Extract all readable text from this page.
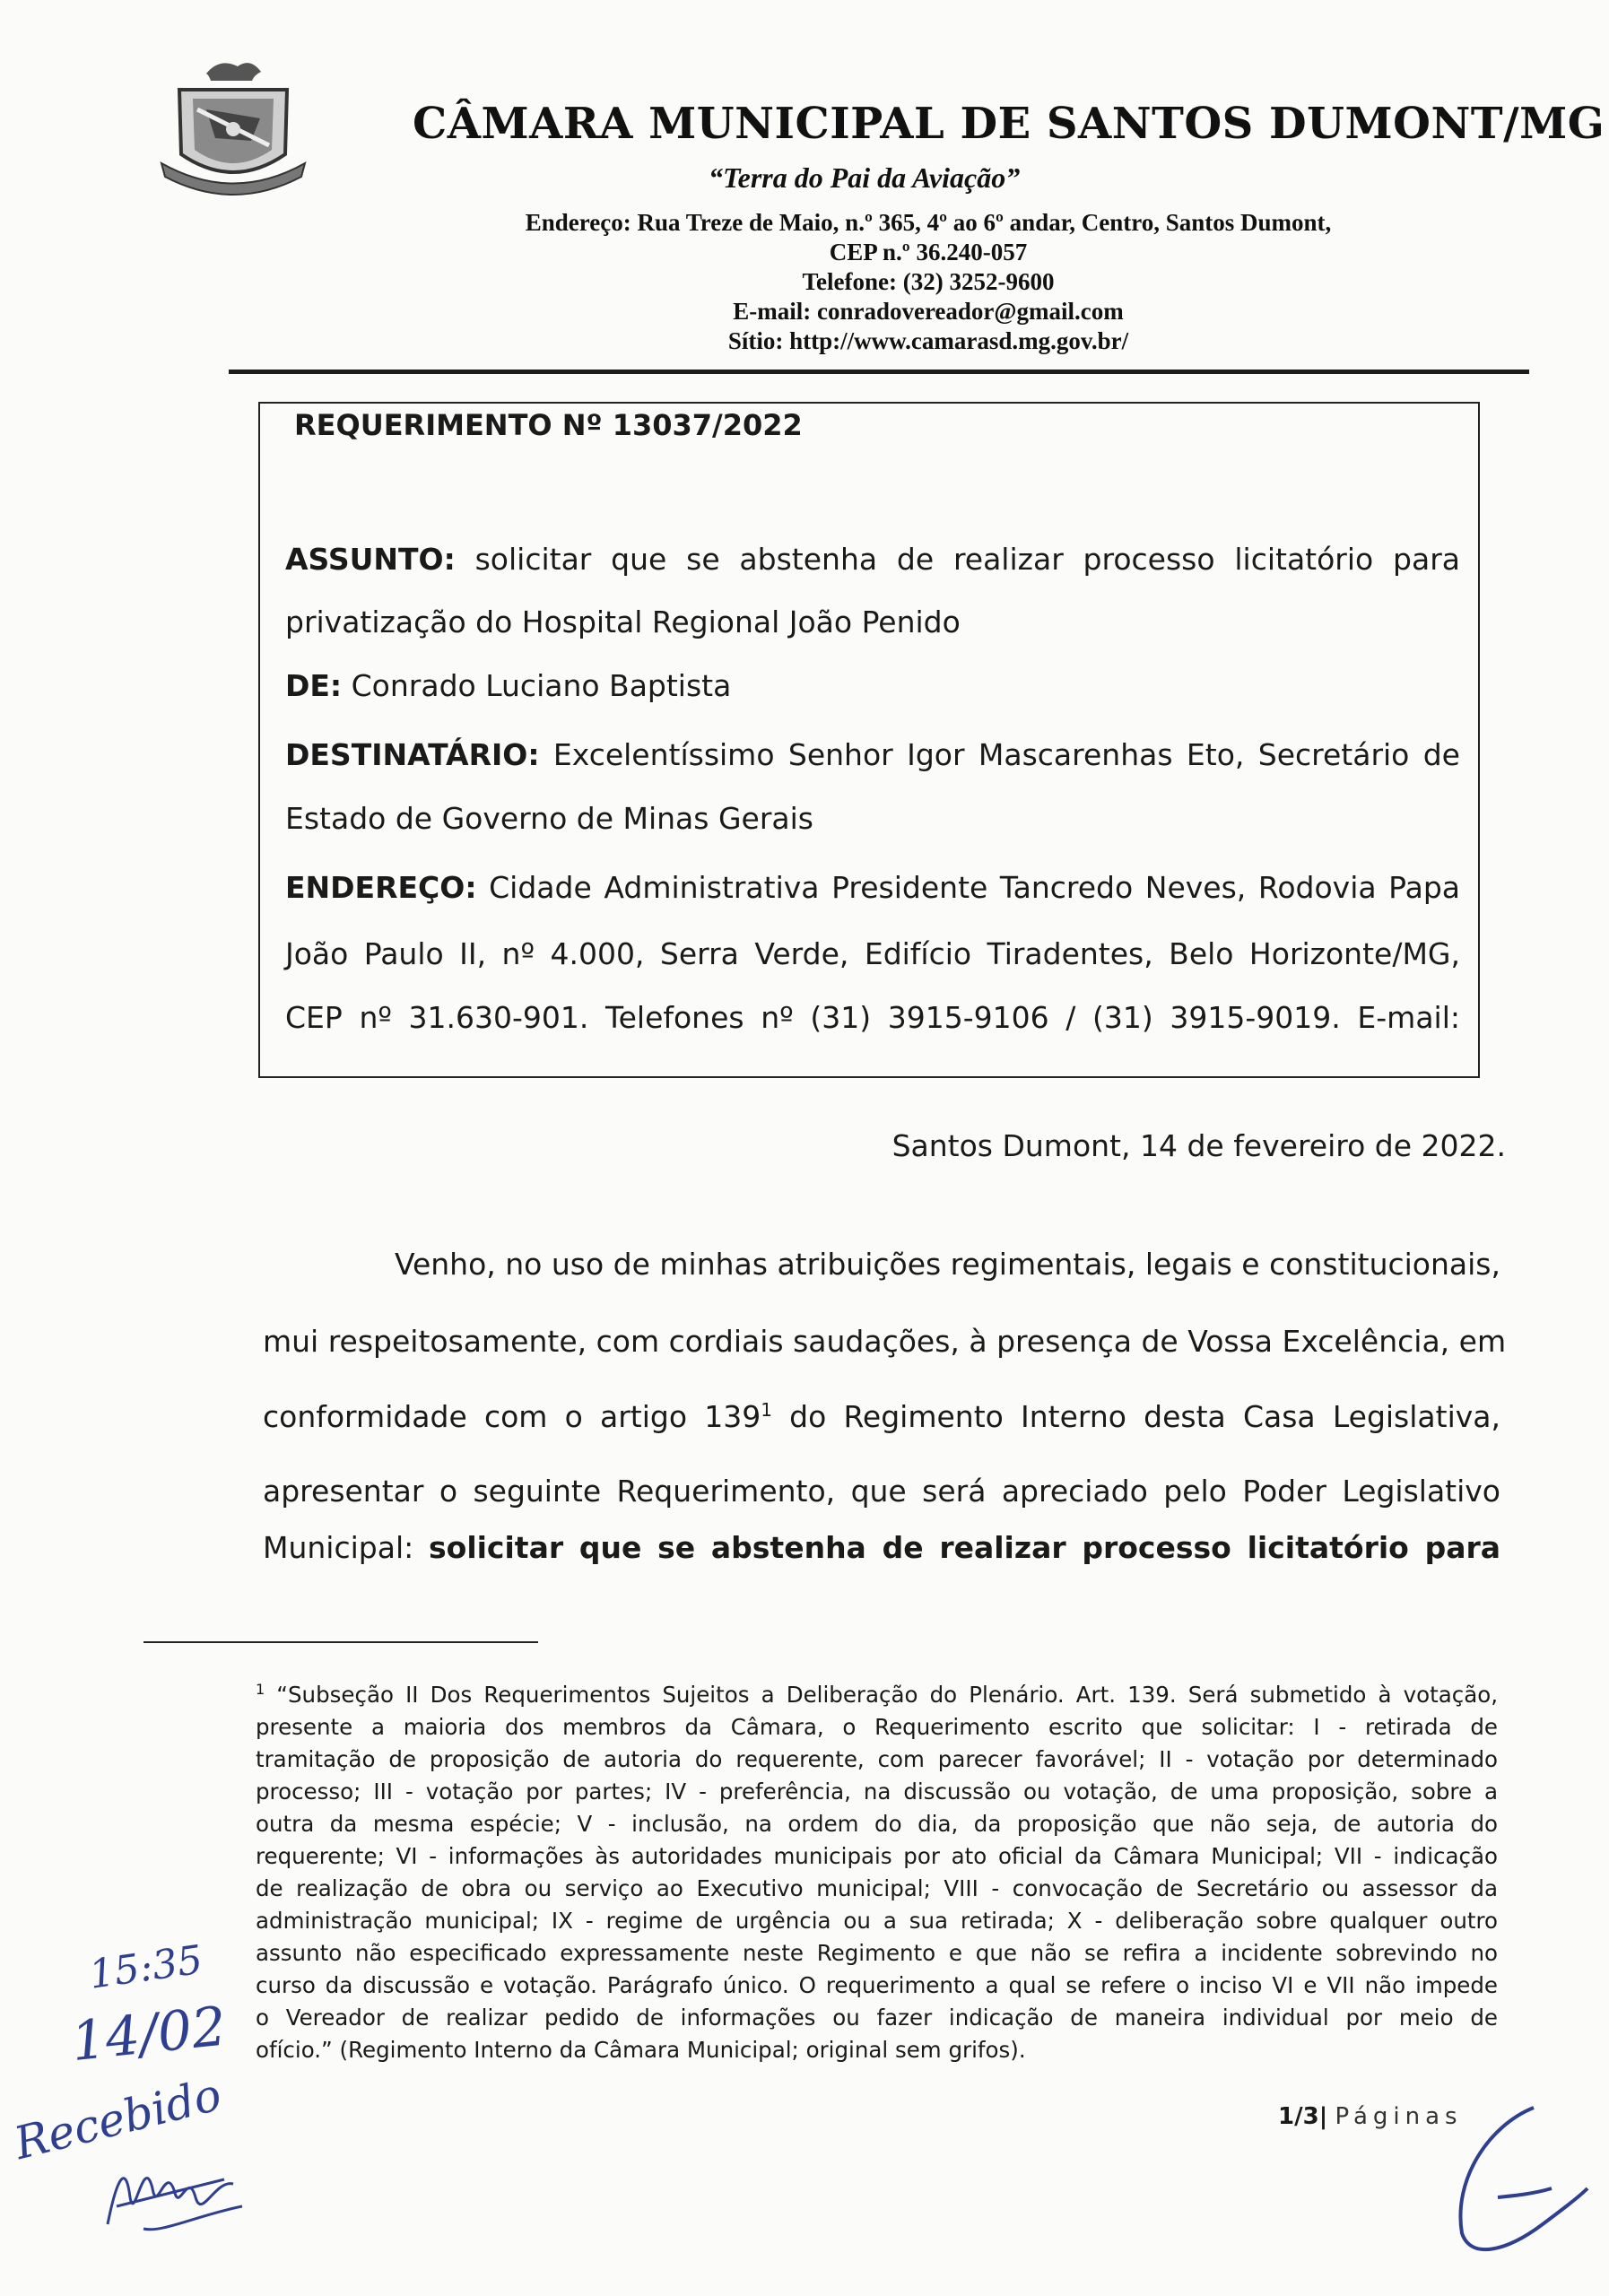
CÂMARA MUNICIPAL DE SANTOS DUMONT/MG
“Terra do Pai da Aviação”
Endereço: Rua Treze de Maio, n.º 365, 4º ao 6º andar, Centro, Santos Dumont,
CEP n.º 36.240-057
Telefone: (32) 3252-9600
E-mail: conradovereador@gmail.com
Sítio: http://www.camarasd.mg.gov.br/
REQUERIMENTO Nº 13037/2022
ASSUNTO: solicitar que se abstenha de realizar processo licitatório para
privatização do Hospital Regional João Penido
DE: Conrado Luciano Baptista
DESTINATÁRIO: Excelentíssimo Senhor Igor Mascarenhas Eto, Secretário de
Estado de Governo de Minas Gerais
ENDEREÇO: Cidade Administrativa Presidente Tancredo Neves, Rodovia Papa
João Paulo II, nº 4.000, Serra Verde, Edifício Tiradentes, Belo Horizonte/MG,
CEP nº 31.630-901. Telefones nº (31) 3915-9106 / (31) 3915-9019. E-mail:
Santos Dumont, 14 de fevereiro de 2022.
Venho, no uso de minhas atribuições regimentais, legais e constitucionais,
mui respeitosamente, com cordiais saudações, à presença de Vossa Excelência, em
conformidade com o artigo $139^1$ do Regimento Interno desta Casa Legislativa,
apresentar o seguinte Requerimento, que será apreciado pelo Poder Legislativo
Municipal: solicitar que se abstenha de realizar processo licitatório para
$^1$ “Subseção II Dos Requerimentos Sujeitos a Deliberação do Plenário. Art. 139. Será submetido à votação,
presente a maioria dos membros da Câmara, o Requerimento escrito que solicitar: I - retirada de
tramitação de proposição de autoria do requerente, com parecer favorável; II - votação por determinado
processo; III - votação por partes; IV - preferência, na discussão ou votação, de uma proposição, sobre a
outra da mesma espécie; V - inclusão, na ordem do dia, da proposição que não seja, de autoria do
requerente; VI - informações às autoridades municipais por ato oficial da Câmara Municipal; VII - indicação
de realização de obra ou serviço ao Executivo municipal; VIII - convocação de Secretário ou assessor da
administração municipal; IX - regime de urgência ou a sua retirada; X - deliberação sobre qualquer outro
assunto não especificado expressamente neste Regimento e que não se refira a incidente sobrevindo no
curso da discussão e votação. Parágrafo único. O requerimento a qual se refere o inciso VI e VII não impede
o Vereador de realizar pedido de informações ou fazer indicação de maneira individual por meio de
ofício.” (Regimento Interno da Câmara Municipal; original sem grifos).
1/3| Páginas
15:35
14/02
Recebido
